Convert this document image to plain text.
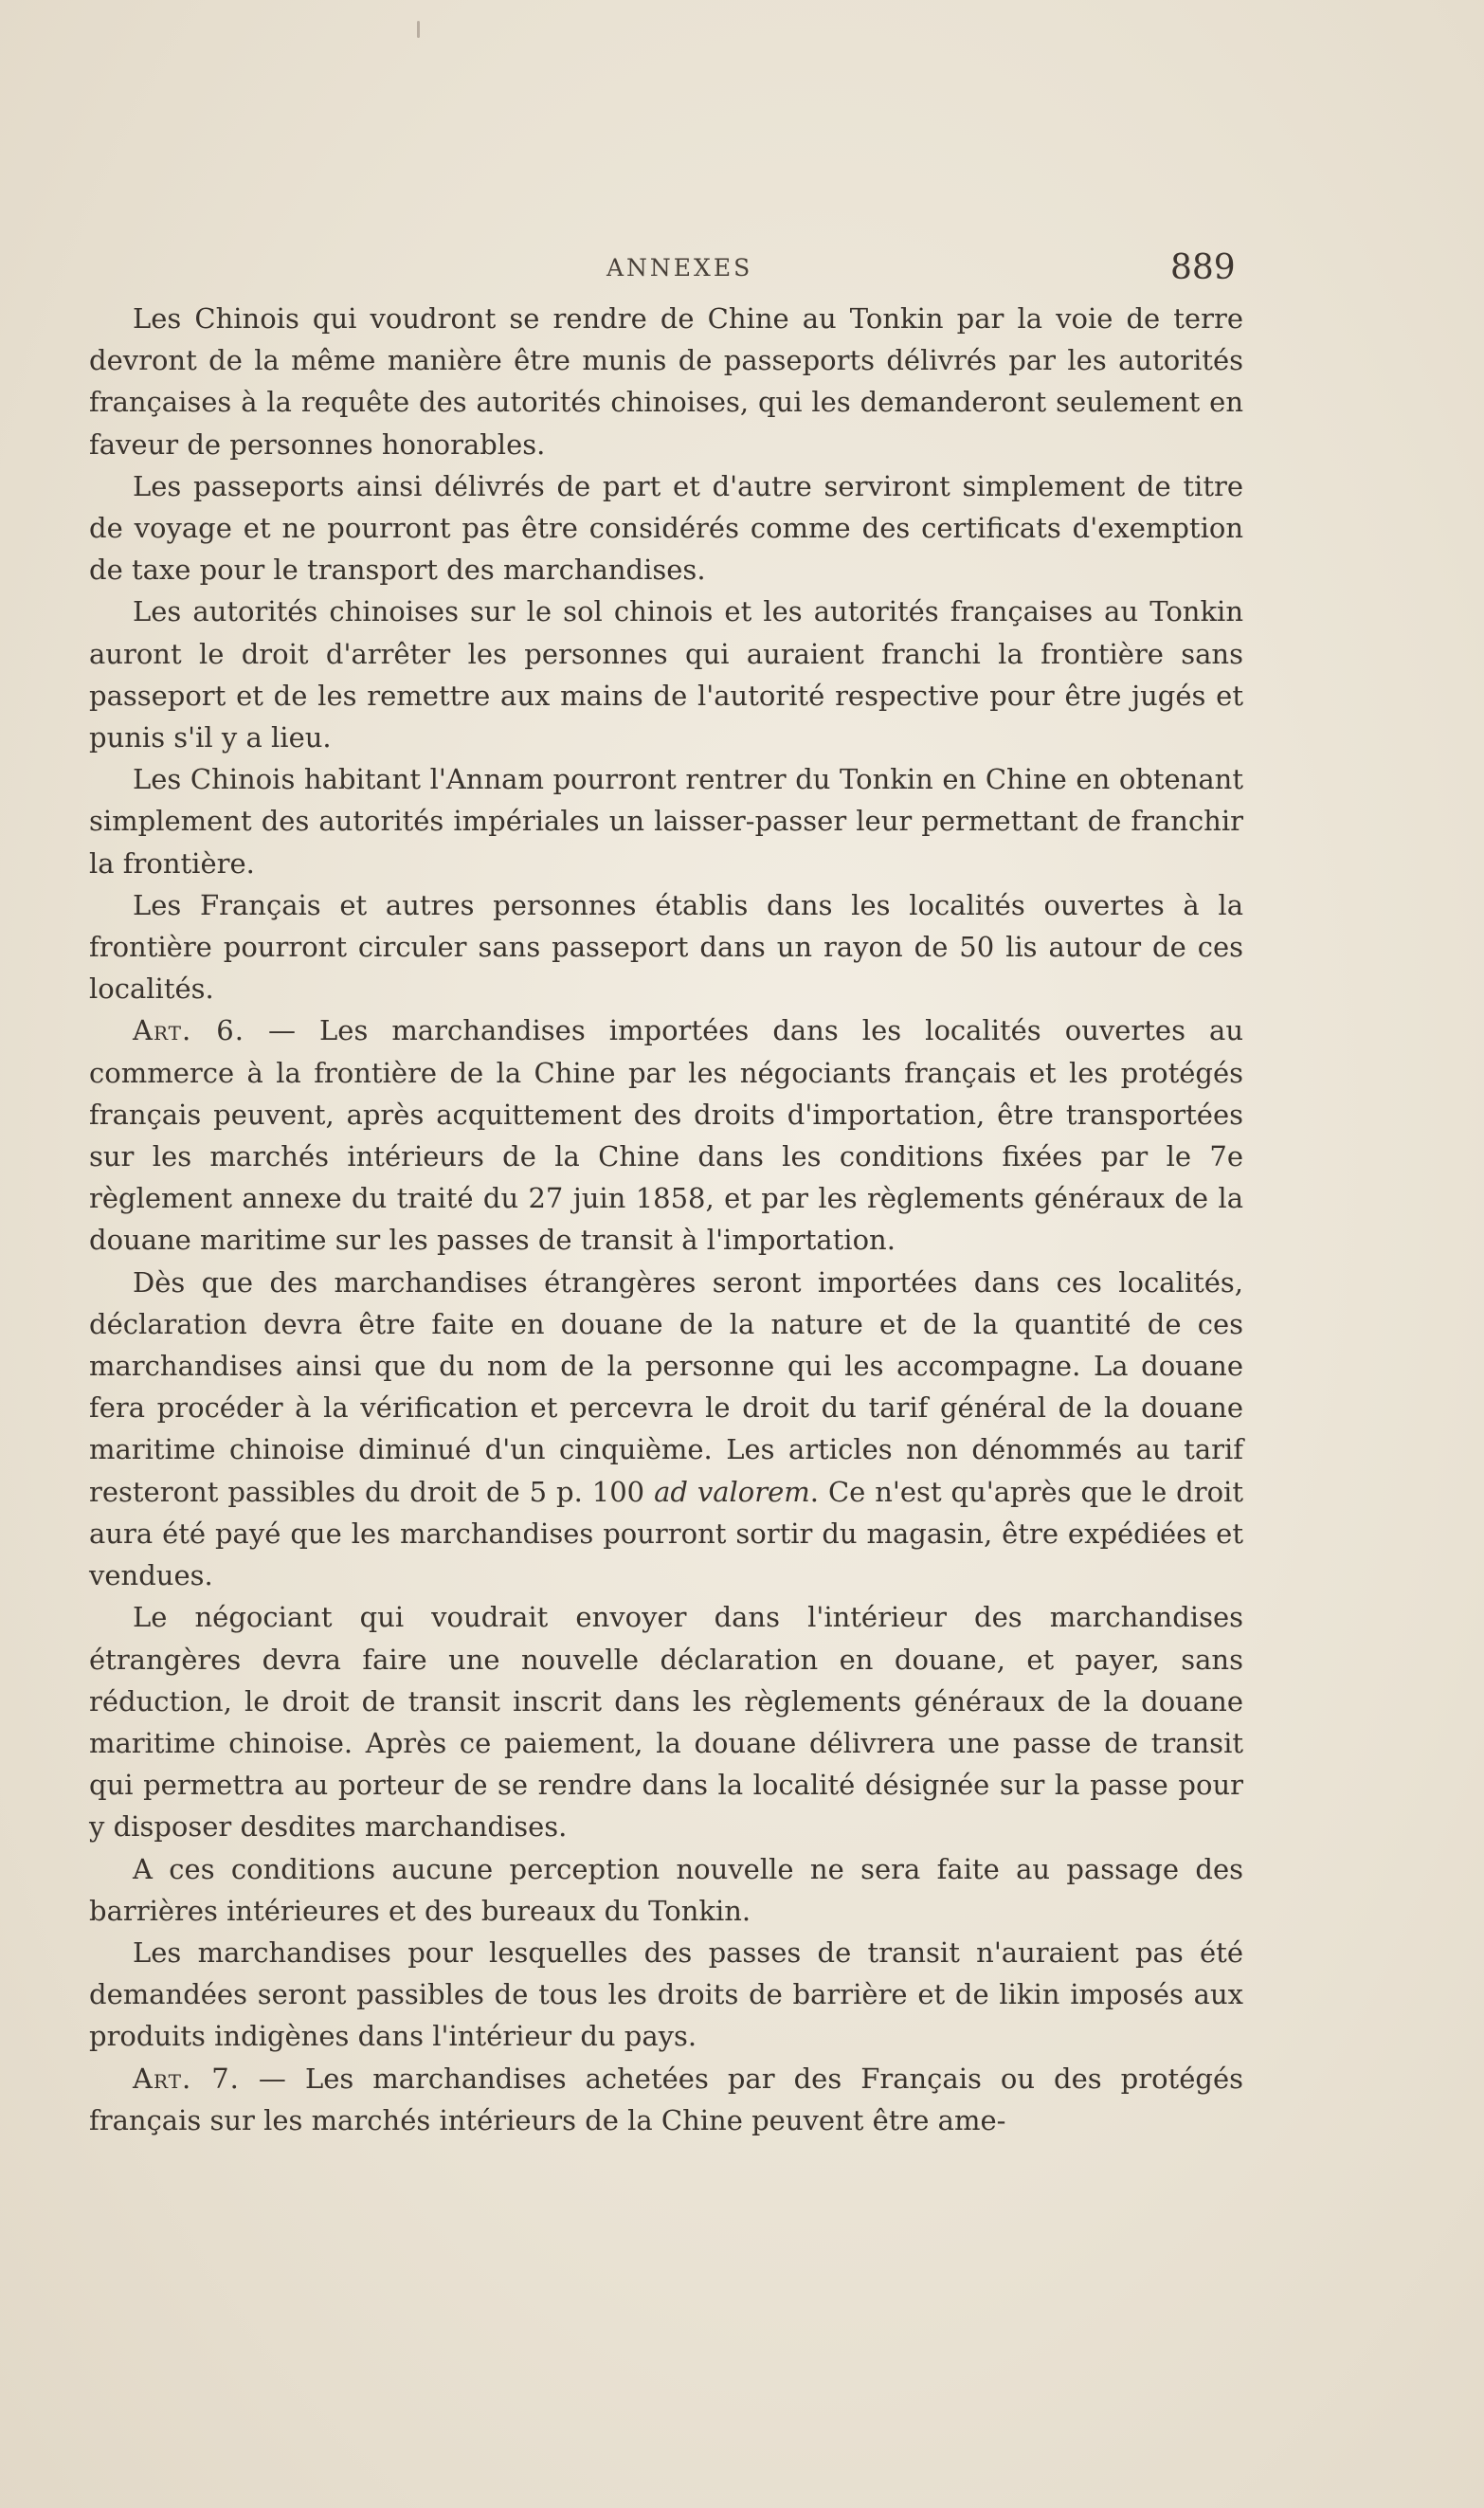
ANNEXES	889

Les Chinois qui voudront se rendre de Chine au Tonkin par la voie de terre devront de la même manière être munis de passeports délivrés par les autorités françaises à la requête des autorités chinoises, qui les demanderont seulement en faveur de personnes honorables.

Les passeports ainsi délivrés de part et d'autre serviront simplement de titre de voyage et ne pourront pas être considérés comme des certificats d'exemption de taxe pour le transport des marchandises.

Les autorités chinoises sur le sol chinois et les autorités françaises au Tonkin auront le droit d'arrêter les personnes qui auraient franchi la frontière sans passeport et de les remettre aux mains de l'autorité respective pour être jugés et punis s'il y a lieu.

Les Chinois habitant l'Annam pourront rentrer du Tonkin en Chine en obtenant simplement des autorités impériales un laisser-passer leur permettant de franchir la frontière.

Les Français et autres personnes établis dans les localités ouvertes à la frontière pourront circuler sans passeport dans un rayon de 50 lis autour de ces localités.

Art. 6. — Les marchandises importées dans les localités ouvertes au commerce à la frontière de la Chine par les négociants français et les protégés français peuvent, après acquittement des droits d'importation, être transportées sur les marchés intérieurs de la Chine dans les conditions fixées par le 7e règlement annexe du traité du 27 juin 1858, et par les règlements généraux de la douane maritime sur les passes de transit à l'importation.

Dès que des marchandises étrangères seront importées dans ces localités, déclaration devra être faite en douane de la nature et de la quantité de ces marchandises ainsi que du nom de la personne qui les accompagne. La douane fera procéder à la vérification et percevra le droit du tarif général de la douane maritime chinoise diminué d'un cinquième. Les articles non dénommés au tarif resteront passibles du droit de 5 p. 100 ad valorem. Ce n'est qu'après que le droit aura été payé que les marchandises pourront sortir du magasin, être expédiées et vendues.

Le négociant qui voudrait envoyer dans l'intérieur des marchandises étrangères devra faire une nouvelle déclaration en douane, et payer, sans réduction, le droit de transit inscrit dans les règlements généraux de la douane maritime chinoise. Après ce paiement, la douane délivrera une passe de transit qui permettra au porteur de se rendre dans la localité désignée sur la passe pour y disposer desdites marchandises.

A ces conditions aucune perception nouvelle ne sera faite au passage des barrières intérieures et des bureaux du Tonkin.

Les marchandises pour lesquelles des passes de transit n'auraient pas été demandées seront passibles de tous les droits de barrière et de likin imposés aux produits indigènes dans l'intérieur du pays.

Art. 7. — Les marchandises achetées par des Français ou des protégés français sur les marchés intérieurs de la Chine peuvent être ame-
